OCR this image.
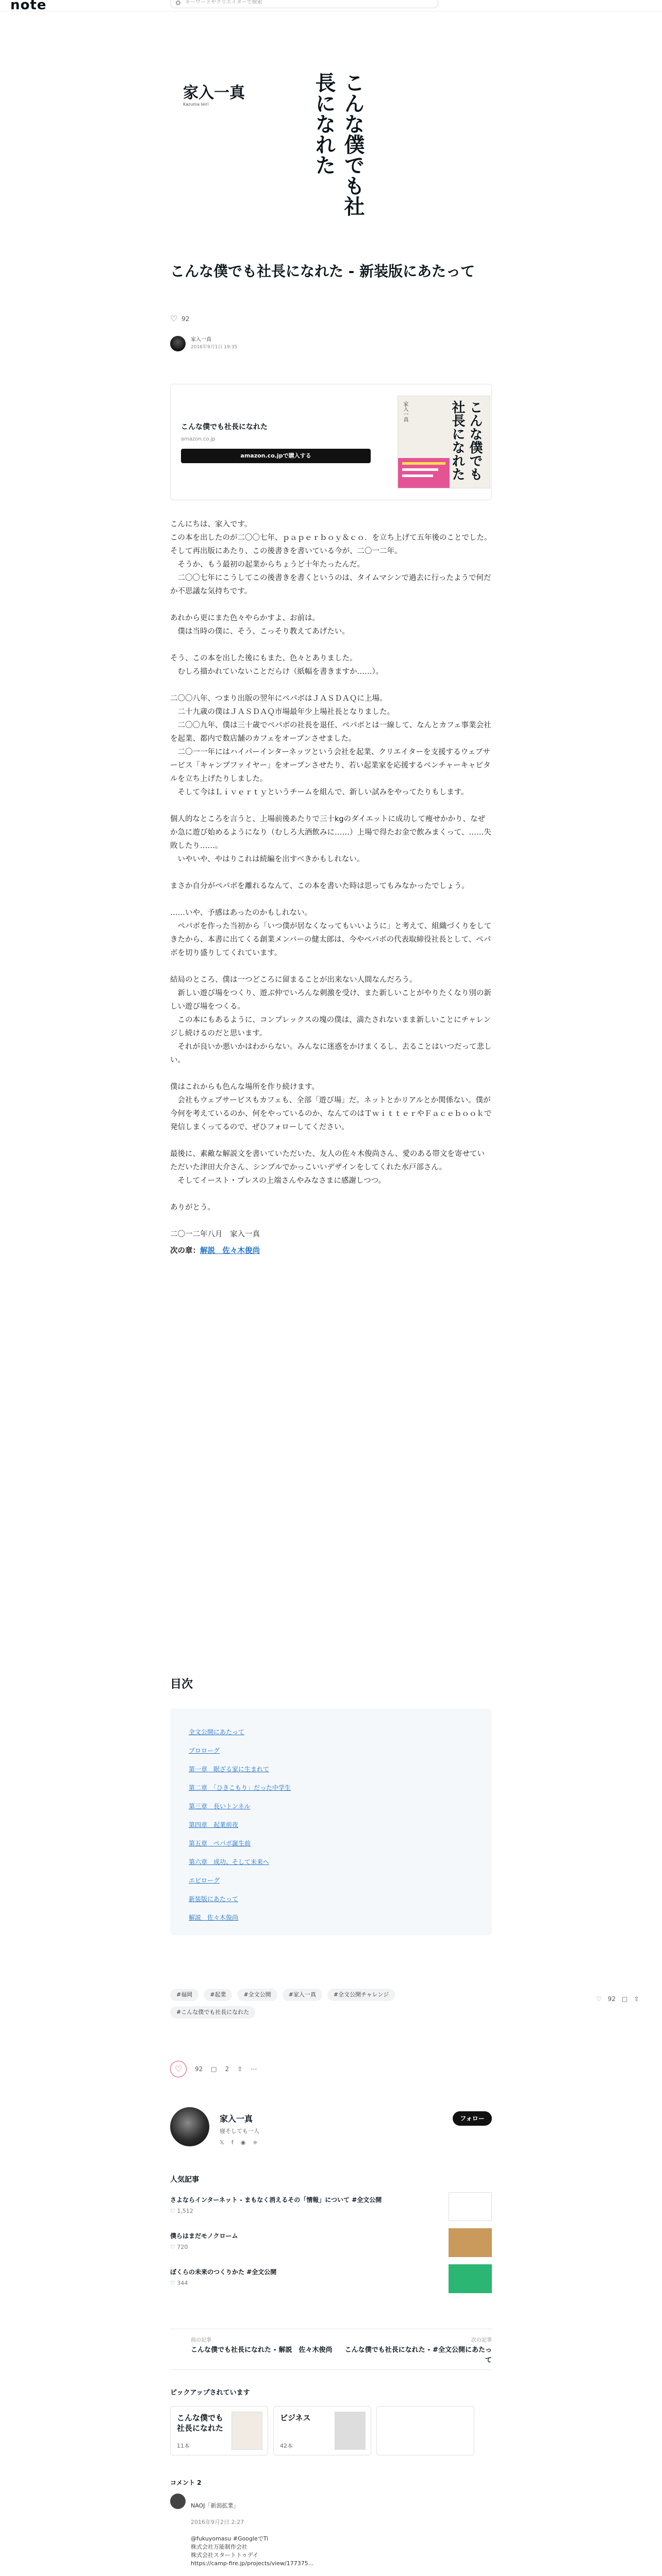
note	キーワードやクリエイターで検索
家入一真
Kazuma Ieiri	こんな僕でも社長になれた
こんな僕でも社長になれた - 新装版にあたって
♡
92
家入一真
2016年9月1日 19:35
こんな僕でも社長になれた
amazon.co.jp
amazon.co.jpで購入する	こんな僕でも社長になれた
家入一真

こんにちは、家入です。
この本を出したのが二〇〇七年、ｐａｐｅｒｂｏｙ＆ｃｏ．を立ち上げて五年後のことでした。そして再出版にあたり、この後書きを書いている今が、二〇一二年。
　そうか、もう最初の起業からちょうど十年たったんだ。
　二〇〇七年にこうしてこの後書きを書くというのは、タイムマシンで過去に行ったようで何だか不思議な気持ちです。

あれから更にまた色々やらかすよ、お前は。
　僕は当時の僕に、そう、こっそり教えてあげたい。

そう、この本を出した後にもまた、色々とありました。
　むしろ描かれていないことだらけ（紙幅を書きますか……）。

二〇〇八年、つまり出版の翌年にペパボはＪＡＳＤＡＱに上場。
　二十九歳の僕はＪＡＳＤＡＱ市場最年少上場社長となりました。
　二〇〇九年、僕は三十歳でペパボの社長を退任、ペパボとは一線して、なんとカフェ事業会社を起業、都内で数店舗のカフェをオープンさせました。
　二〇一一年にはハイパーインターネッツという会社を起業、クリエイターを支援するウェブサービス「キャンプファイヤー」をオープンさせたり、若い起業家を応援するベンチャーキャピタルを立ち上げたりしました。
　そして今はＬｉｖｅｒｔｙというチームを組んで、新しい試みをやってたりもします。

個人的なところを言うと、上場前後あたりで三十kgのダイエットに成功して痩せかかり、なぜか急に遊び始めるようになり（むしろ大酒飲みに……）上場で得たお金で飲みまくって、……失敗したり……。
　いやいや、やはりこれは続編を出すべきかもしれない。

まさか自分がペパボを離れるなんて、この本を書いた時は思ってもみなかったでしょう。

……いや、予感はあったのかもしれない。
　ペパボを作った当初から「いつ僕が居なくなってもいいように」と考えて、組織づくりをしてきたから、本書に出てくる創業メンバーの健太郎は、今やペパボの代表取締役社長として、ペパボを切り盛りしてくれています。

結局のところ、僕は一つどころに留まることが出来ない人間なんだろう。
　新しい遊び場をつくり、遊ぶ仲でいろんな刺激を受け、また新しいことがやりたくなり別の新しい遊び場をつくる。
　この本にもあるように、コンプレックスの塊の僕は、満たされないまま新しいことにチャレンジし続けるのだと思います。
　それが良いか悪いかはわからない。みんなに迷惑をかけまくるし、去ることはいつだって悲しい。

僕はこれからも色んな場所を作り続けます。
　会社もウェブサービスもカフェも、全部「遊び場」だ。ネットとかリアルとか関係ない。僕が今何を考えているのか、何をやっているのか、なんてのはＴｗｉｔｔｅｒやＦａｃｅｂｏｏｋで発信しまくってるので、ぜひフォローしてください。

最後に、素敵な解説文を書いていただいた、友人の佐々木俊尚さん、愛のある帯文を寄せていただいた津田大介さん、シンプルでかっこいいデザインをしてくれた水戸部さん。
　そしてイースト・プレスの上端さんやみなさまに感謝しつつ。

ありがとう。

二〇一二年八月　家入一真

次の章：解説　佐々木俊尚
目次
全文公開にあたって
プロローグ
第一章　眠ざる家に生まれて
第二章　「ひきこもり」だった中学生
第三章　長いトンネル
第四章　起業前夜
第五章　ペパボ誕生前
第六章　成功、そして未来へ
エピローグ
新装版にあたって
解説　佐々木俊尚
#福岡	#起業	#全文公開	#家入一真	#全文公開チャレンジ
#こんな僕でも社長になれた
♡ 92 □ ⇧
♡	92 □ 2 ⇧ ⋯
家入一真
寝そしても一人
𝕏 f ◉ ≑
フォロー
人気記事
さよならインターネット - まもなく消えるその「情報」について #全文公開
♡ 1,512
僕らはまだモノクローム
♡ 720
ぼくらの未来のつくりかた #全文公開
♡ 344
前の記事
こんな僕でも社長になれた - 解説　佐々木俊尚
次の記事
こんな僕でも社長になれた - #全文公開にあたって
ピックアップされています
こんな僕でも社長になれた
11本
ビジネス
42本
コメント 2

NAOJ「新潟拡業」

2016年9月2日 2:27

@fukuyomasu #GoogleでTi
株式会社万能制作会社
株式会社スタートトゥデイ
https://camp-fire.jp/projects/view/177375...
